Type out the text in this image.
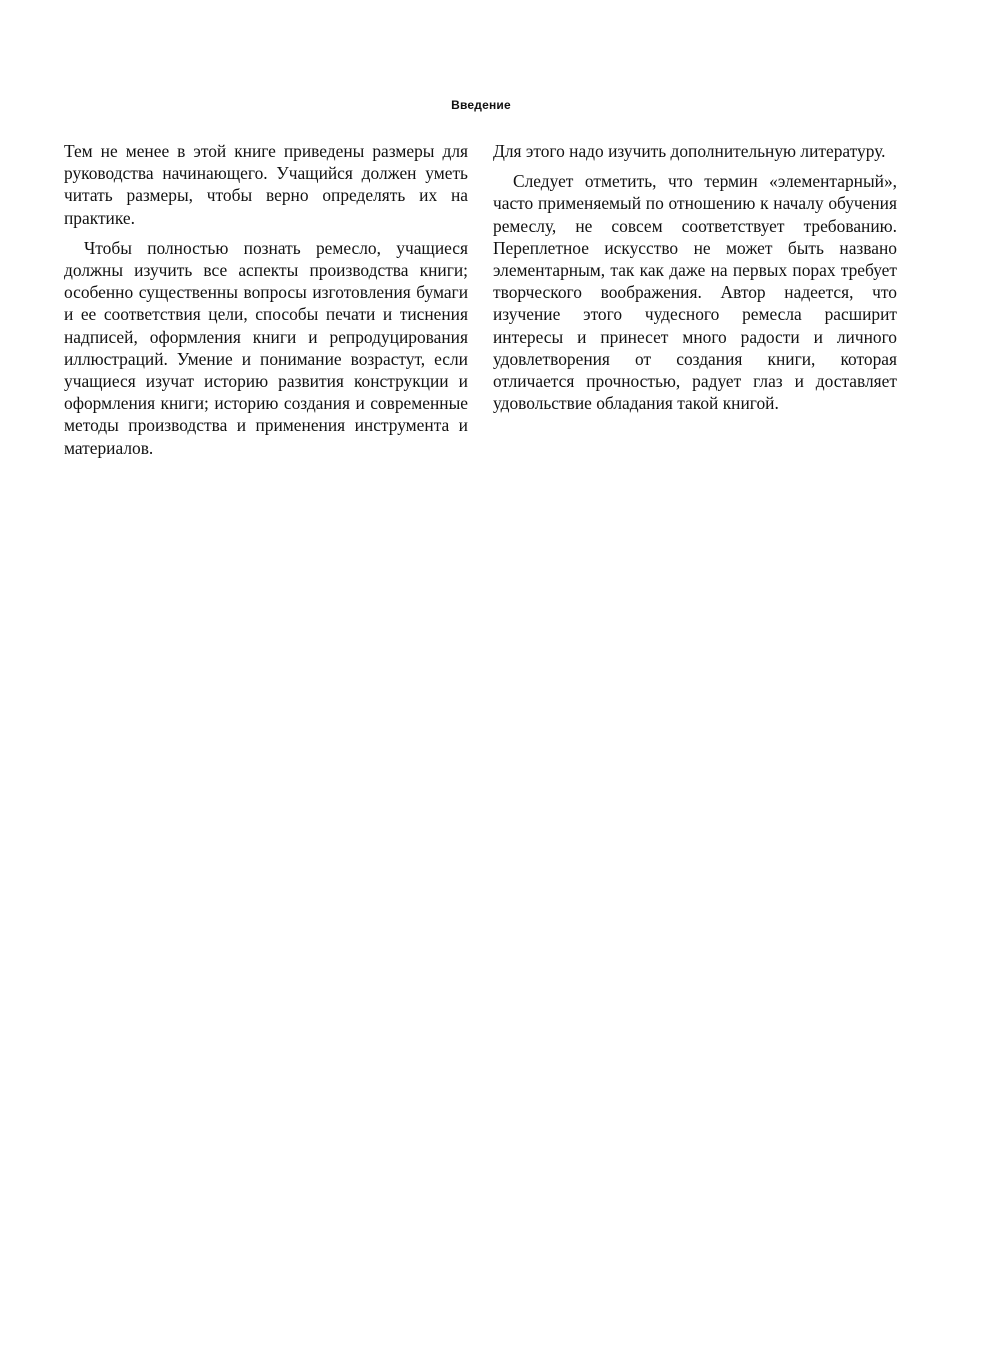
Введение

Тем не менее в этой книге приведены размеры для руководства начинающего. Учащийся должен уметь читать размеры, чтобы верно определять их на практике.

Чтобы полностью познать ремесло, учащиеся должны изучить все аспекты производства книги; особенно существенны вопросы изготовления бумаги и ее соответствия цели, способы печати и тиснения надписей, оформления книги и репродуцирования иллюстраций. Умение и понимание возрастут, если учащиеся изучат историю развития конструкции и оформления книги; историю создания и современные методы производства и применения инструмента и материалов.

Для этого надо изучить дополнительную литературу.

Следует отметить, что термин «элементарный», часто применяемый по отношению к началу обучения ремеслу, не совсем соответствует требованию. Переплетное искусство не может быть названо элементарным, так как даже на первых порах требует творческого воображения. Автор надеется, что изучение этого чудесного ремесла расширит интересы и принесет много радости и личного удовлетворения от создания книги, которая отличается прочностью, радует глаз и доставляет удовольствие обладания такой книгой.
